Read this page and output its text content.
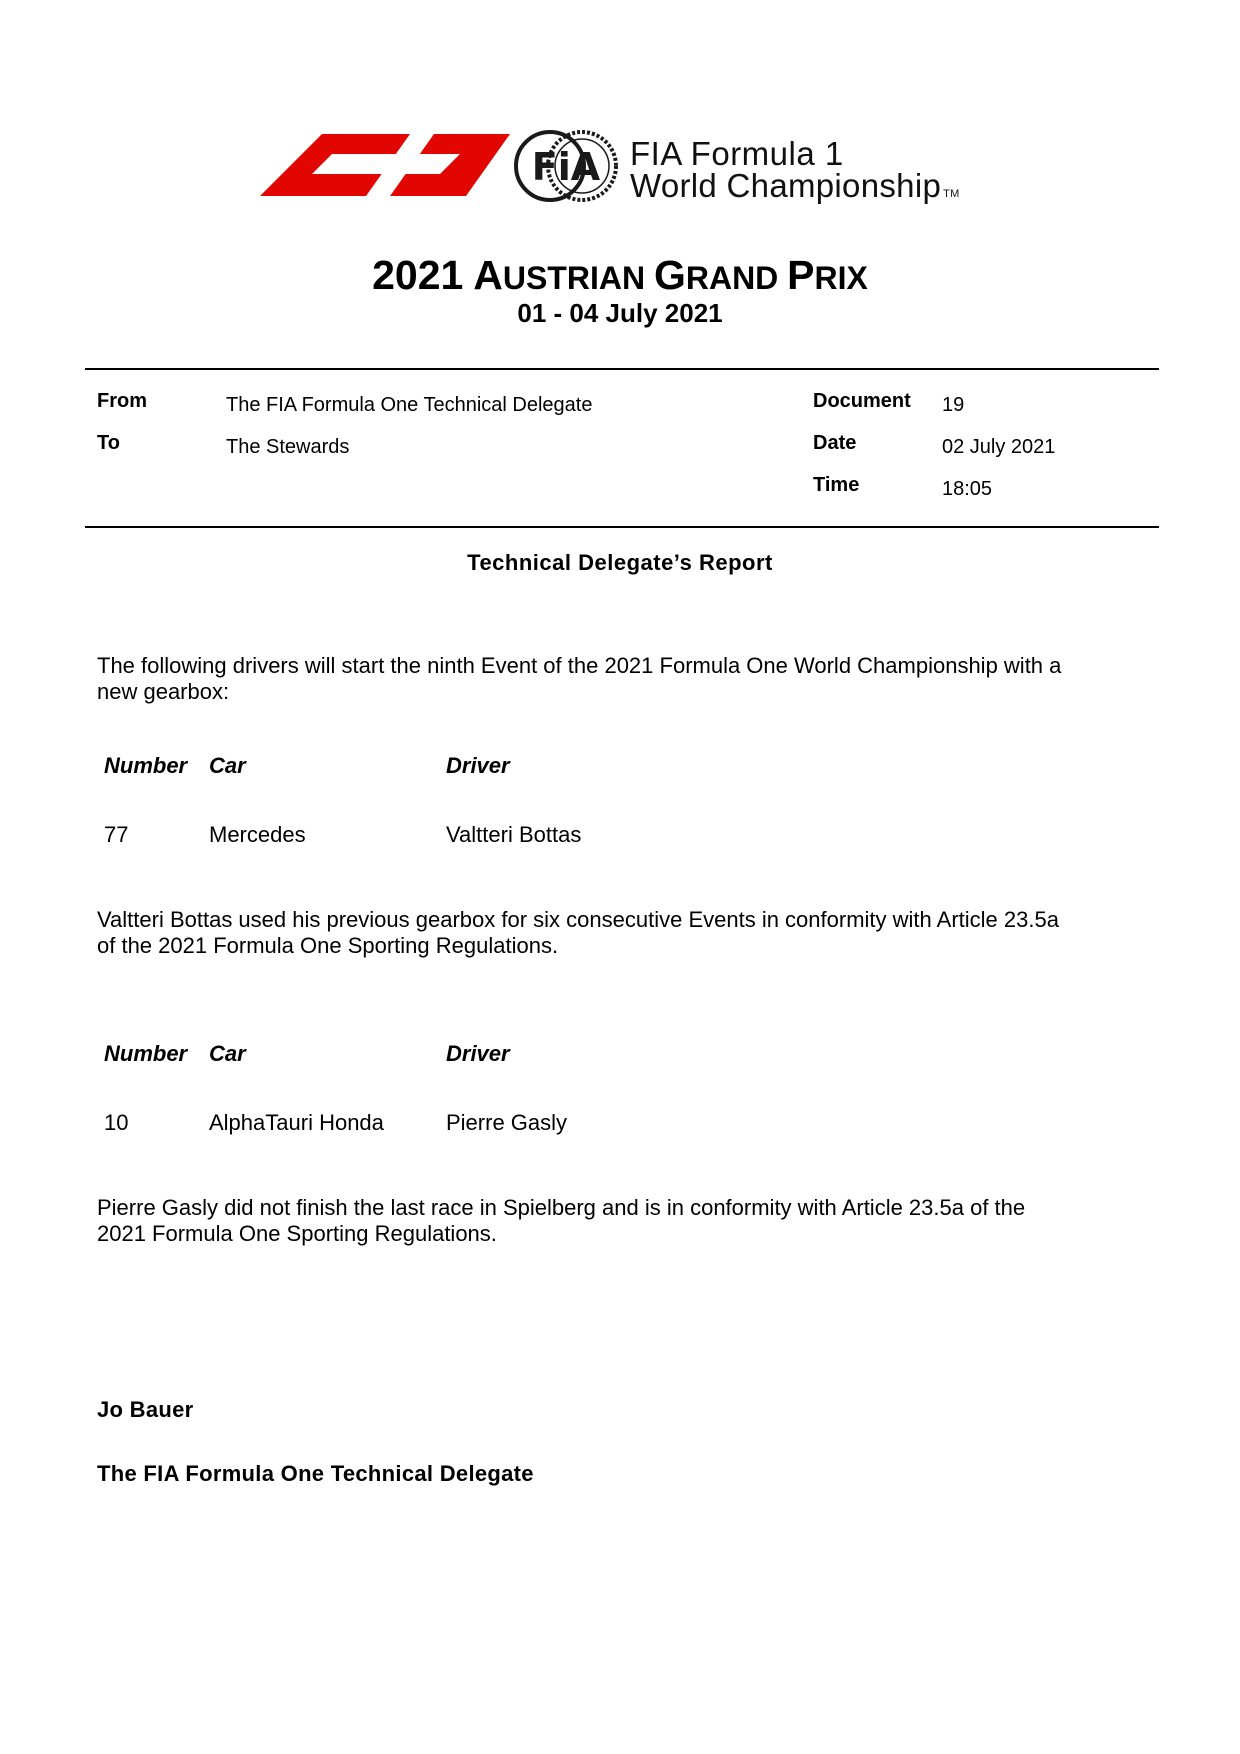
FiA FIA Formula 1
World Championship TM
2021 AUSTRIAN GRAND PRIX
01 - 04 July 2021
From	The FIA Formula One Technical Delegate
To	The Stewards
Document 19
Date	02 July 2021
Time	18:05
Technical Delegate’s Report
The following drivers will start the ninth Event of the 2021 Formula One World Championship with a
new gearbox:
Number Car	Driver
77	Mercedes	Valtteri Bottas
Valtteri Bottas used his previous gearbox for six consecutive Events in conformity with Article 23.5a
of the 2021 Formula One Sporting Regulations.
Number Car	Driver
10	AlphaTauri Honda	Pierre Gasly
Pierre Gasly did not finish the last race in Spielberg and is in conformity with Article 23.5a of the
2021 Formula One Sporting Regulations.
Jo Bauer
The FIA Formula One Technical Delegate
